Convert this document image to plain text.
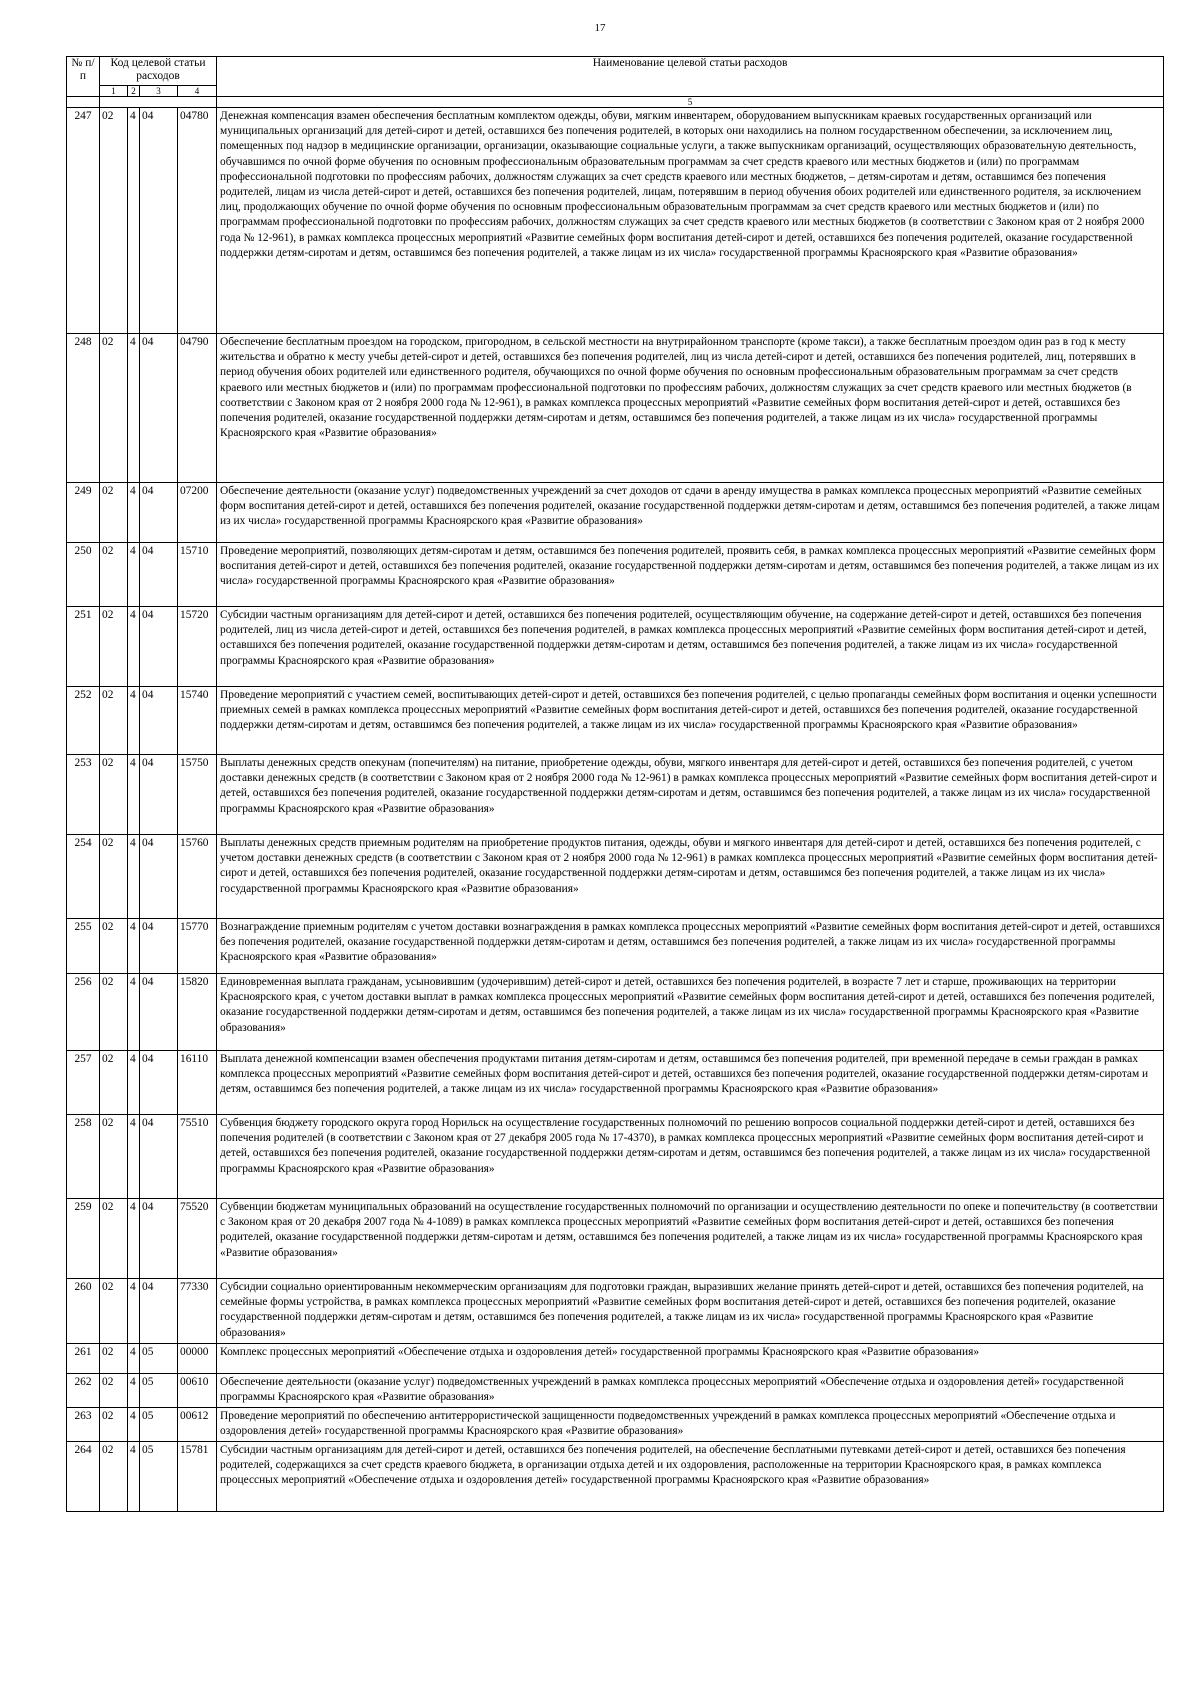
17
№ п/п	Код целевой статьи расходов				Наименование целевой статьи расходов
	1	2	3	4	
					5
247	02	4	04	04780	Денежная компенсация взамен обеспечения бесплатным комплектом одежды, обуви, мягким инвентарем, оборудованием выпускникам краевых государственных организаций или муниципальных организаций для детей-сирот и детей, оставшихся без попечения родителей, в которых они находились на полном государственном обеспечении, за исключением лиц, помещенных под надзор в медицинские организации, организации, оказывающие социальные услуги, а также выпускникам организаций, осуществляющих образовательную деятельность, обучавшимся по очной форме обучения по основным профессиональным образовательным программам за счет средств краевого или местных бюджетов и (или) по программам профессиональной подготовки по профессиям рабочих, должностям служащих за счет средств краевого или местных бюджетов, – детям-сиротам и детям, оставшимся без попечения родителей, лицам из числа детей-сирот и детей, оставшихся без попечения родителей, лицам, потерявшим в период обучения обоих родителей или единственного родителя, за исключением лиц, продолжающих обучение по очной форме обучения по основным профессиональным образовательным программам за счет средств краевого или местных бюджетов и (или) по программам профессиональной подготовки по профессиям рабочих, должностям служащих за счет средств краевого или местных бюджетов (в соответствии с Законом края от 2 ноября 2000 года № 12-961), в рамках комплекса процессных мероприятий «Развитие семейных форм воспитания детей-сирот и детей, оставшихся без попечения родителей, оказание государственной поддержки детям-сиротам и детям, оставшимся без попечения родителей, а также лицам из их числа» государственной программы Красноярского края «Развитие образования»
248	02	4	04	04790	Обеспечение бесплатным проездом на городском, пригородном, в сельской местности на внутрирайонном транспорте (кроме такси), а также бесплатным проездом один раз в год к месту жительства и обратно к месту учебы детей-сирот и детей, оставшихся без попечения родителей, лиц из числа детей-сирот и детей, оставшихся без попечения родителей, лиц, потерявших в период обучения обоих родителей или единственного родителя, обучающихся по очной форме обучения по основным профессиональным образовательным программам за счет средств краевого или местных бюджетов и (или) по программам профессиональной подготовки по профессиям рабочих, должностям служащих за счет средств краевого или местных бюджетов (в соответствии с Законом края от 2 ноября 2000 года № 12-961), в рамках комплекса процессных мероприятий «Развитие семейных форм воспитания детей-сирот и детей, оставшихся без попечения родителей, оказание государственной поддержки детям-сиротам и детям, оставшимся без попечения родителей, а также лицам из их числа» государственной программы Красноярского края «Развитие образования»
249	02	4	04	07200	Обеспечение деятельности (оказание услуг) подведомственных учреждений за счет доходов от сдачи в аренду имущества в рамках комплекса процессных мероприятий «Развитие семейных форм воспитания детей-сирот и детей, оставшихся без попечения родителей, оказание государственной поддержки детям-сиротам и детям, оставшимся без попечения родителей, а также лицам из их числа» государственной программы Красноярского края «Развитие образования»
250	02	4	04	15710	Проведение мероприятий, позволяющих детям-сиротам и детям, оставшимся без попечения родителей, проявить себя, в рамках комплекса процессных мероприятий «Развитие семейных форм воспитания детей-сирот и детей, оставшихся без попечения родителей, оказание государственной поддержки детям-сиротам и детям, оставшимся без попечения родителей, а также лицам из их числа» государственной программы Красноярского края «Развитие образования»
251	02	4	04	15720	Субсидии частным организациям для детей-сирот и детей, оставшихся без попечения родителей, осуществляющим обучение, на содержание детей-сирот и детей, оставшихся без попечения родителей, лиц из числа детей-сирот и детей, оставшихся без попечения родителей, в рамках комплекса процессных мероприятий «Развитие семейных форм воспитания детей-сирот и детей, оставшихся без попечения родителей, оказание государственной поддержки детям-сиротам и детям, оставшимся без попечения родителей, а также лицам из их числа» государственной программы Красноярского края «Развитие образования»
252	02	4	04	15740	Проведение мероприятий с участием семей, воспитывающих детей-сирот и детей, оставшихся без попечения родителей, с целью пропаганды семейных форм воспитания и оценки успешности приемных семей в рамках комплекса процессных мероприятий «Развитие семейных форм воспитания детей-сирот и детей, оставшихся без попечения родителей, оказание государственной поддержки детям-сиротам и детям, оставшимся без попечения родителей, а также лицам из их числа» государственной программы Красноярского края «Развитие образования»
253	02	4	04	15750	Выплаты денежных средств опекунам (попечителям) на питание, приобретение одежды, обуви, мягкого инвентаря для детей-сирот и детей, оставшихся без попечения родителей, с учетом доставки денежных средств (в соответствии с Законом края от 2 ноября 2000 года № 12-961) в рамках комплекса процессных мероприятий «Развитие семейных форм воспитания детей-сирот и детей, оставшихся без попечения родителей, оказание государственной поддержки детям-сиротам и детям, оставшимся без попечения родителей, а также лицам из их числа» государственной программы Красноярского края «Развитие образования»
254	02	4	04	15760	Выплаты денежных средств приемным родителям на приобретение продуктов питания, одежды, обуви и мягкого инвентаря для детей-сирот и детей, оставшихся без попечения родителей, с учетом доставки денежных средств (в соответствии с Законом края от 2 ноября 2000 года № 12-961) в рамках комплекса процессных мероприятий «Развитие семейных форм воспитания детей-сирот и детей, оставшихся без попечения родителей, оказание государственной поддержки детям-сиротам и детям, оставшимся без попечения родителей, а также лицам из их числа» государственной программы Красноярского края «Развитие образования»
255	02	4	04	15770	Вознаграждение приемным родителям с учетом доставки вознаграждения в рамках комплекса процессных мероприятий «Развитие семейных форм воспитания детей-сирот и детей, оставшихся без попечения родителей, оказание государственной поддержки детям-сиротам и детям, оставшимся без попечения родителей, а также лицам из их числа» государственной программы Красноярского края «Развитие образования»
256	02	4	04	15820	Единовременная выплата гражданам, усыновившим (удочерившим) детей-сирот и детей, оставшихся без попечения родителей, в возрасте 7 лет и старше, проживающих на территории Красноярского края, с учетом доставки выплат в рамках комплекса процессных мероприятий «Развитие семейных форм воспитания детей-сирот и детей, оставшихся без попечения родителей, оказание государственной поддержки детям-сиротам и детям, оставшимся без попечения родителей, а также лицам из их числа» государственной программы Красноярского края «Развитие образования»
257	02	4	04	16110	Выплата денежной компенсации взамен обеспечения продуктами питания детям-сиротам и детям, оставшимся без попечения родителей, при временной передаче в семьи граждан в рамках комплекса процессных мероприятий «Развитие семейных форм воспитания детей-сирот и детей, оставшихся без попечения родителей, оказание государственной поддержки детям-сиротам и детям, оставшимся без попечения родителей, а также лицам из их числа» государственной программы Красноярского края «Развитие образования»
258	02	4	04	75510	Субвенция бюджету городского округа город Норильск на осуществление государственных полномочий по решению вопросов социальной поддержки детей-сирот и детей, оставшихся без попечения родителей (в соответствии с Законом края от 27 декабря 2005 года № 17-4370), в рамках комплекса процессных мероприятий «Развитие семейных форм воспитания детей-сирот и детей, оставшихся без попечения родителей, оказание государственной поддержки детям-сиротам и детям, оставшимся без попечения родителей, а также лицам из их числа» государственной программы Красноярского края «Развитие образования»
259	02	4	04	75520	Субвенции бюджетам муниципальных образований на осуществление государственных полномочий по организации и осуществлению деятельности по опеке и попечительству (в соответствии с Законом края от 20 декабря 2007 года № 4-1089) в рамках комплекса процессных мероприятий «Развитие семейных форм воспитания детей-сирот и детей, оставшихся без попечения родителей, оказание государственной поддержки детям-сиротам и детям, оставшимся без попечения родителей, а также лицам из их числа» государственной программы Красноярского края «Развитие образования»
260	02	4	04	77330	Субсидии социально ориентированным некоммерческим организациям для подготовки граждан, выразивших желание принять детей-сирот и детей, оставшихся без попечения родителей, на семейные формы устройства, в рамках комплекса процессных мероприятий «Развитие семейных форм воспитания детей-сирот и детей, оставшихся без попечения родителей, оказание государственной поддержки детям-сиротам и детям, оставшимся без попечения родителей, а также лицам из их числа» государственной программы Красноярского края «Развитие образования»
261	02	4	05	00000	Комплекс процессных мероприятий «Обеспечение отдыха и оздоровления детей» государственной программы Красноярского края «Развитие образования»
262	02	4	05	00610	Обеспечение деятельности (оказание услуг) подведомственных учреждений в рамках комплекса процессных мероприятий «Обеспечение отдыха и оздоровления детей» государственной программы Красноярского края «Развитие образования»
263	02	4	05	00612	Проведение мероприятий по обеспечению антитеррористической защищенности подведомственных учреждений в рамках комплекса процессных мероприятий «Обеспечение отдыха и оздоровления детей» государственной программы Красноярского края «Развитие образования»
264	02	4	05	15781	Субсидии частным организациям для детей-сирот и детей, оставшихся без попечения родителей, на обеспечение бесплатными путевками детей-сирот и детей, оставшихся без попечения родителей, содержащихся за счет средств краевого бюджета, в организации отдыха детей и их оздоровления, расположенные на территории Красноярского края, в рамках комплекса процессных мероприятий «Обеспечение отдыха и оздоровления детей» государственной программы Красноярского края «Развитие образования»
